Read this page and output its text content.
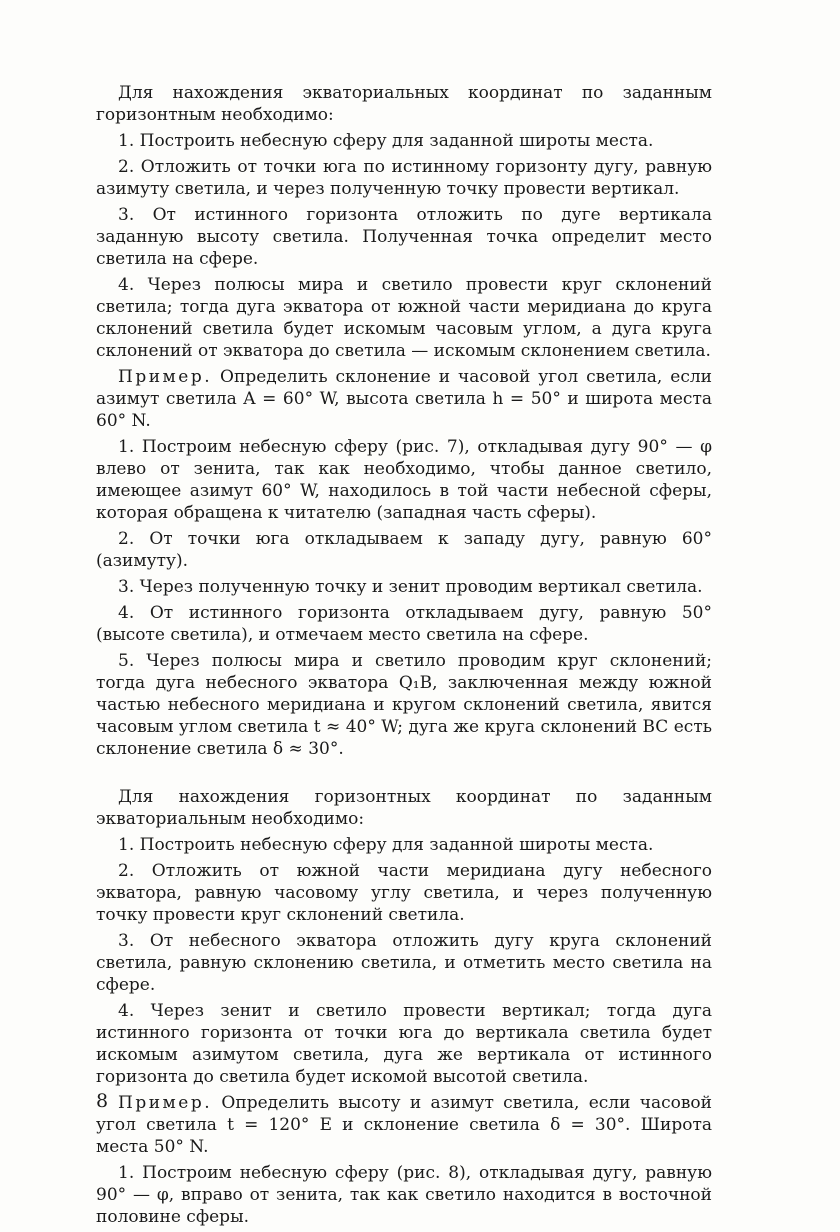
Для нахождения экваториальных координат по заданным горизонтным необходимо:

1. Построить небесную сферу для заданной широты места.

2. Отложить от точки юга по истинному горизонту дугу, равную азимуту светила, и через полученную точку провести вертикал.

3. От истинного горизонта отложить по дуге вертикала заданную высоту светила. Полученная точка определит место светила на сфере.

4. Через полюсы мира и светило провести круг склонений светила; тогда дуга экватора от южной части меридиана до круга склонений светила будет искомым часовым углом, а дуга круга склонений от экватора до светила — искомым склонением светила.

Пример. Определить склонение и часовой угол светила, если азимут светила A = 60° W, высота светила h = 50° и широта места 60° N.

1. Построим небесную сферу (рис. 7), откладывая дугу 90° — φ влево от зенита, так как необходимо, чтобы данное светило, имеющее азимут 60° W, находилось в той части небесной сферы, которая обращена к читателю (западная часть сферы).

2. От точки юга откладываем к западу дугу, равную 60° (азимуту).

3. Через полученную точку и зенит проводим вертикал светила.

4. От истинного горизонта откладываем дугу, равную 50° (высоте светила), и отмечаем место светила на сфере.

5. Через полюсы мира и светило проводим круг склонений; тогда дуга небесного экватора Q₁B, заключенная между южной частью небесного меридиана и кругом склонений светила, явится часовым углом светила t ≈ 40° W; дуга же круга склонений BC есть склонение светила δ ≈ 30°.

Для нахождения горизонтных координат по заданным экваториальным необходимо:

1. Построить небесную сферу для заданной широты места.

2. Отложить от южной части меридиана дугу небесного экватора, равную часовому углу светила, и через полученную точку провести круг склонений светила.

3. От небесного экватора отложить дугу круга склонений светила, равную склонению светила, и отметить место светила на сфере.

4. Через зенит и светило провести вертикал; тогда дуга истинного горизонта от точки юга до вертикала светила будет искомым азимутом светила, дуга же вертикала от истинного горизонта до светила будет искомой высотой светила.

Пример. Определить высоту и азимут светила, если часовой угол светила t = 120° E и склонение светила δ = 30°. Широта места 50° N.

1. Построим небесную сферу (рис. 8), откладывая дугу, равную 90° — φ, вправо от зенита, так как светило находится в восточной половине сферы.

8
